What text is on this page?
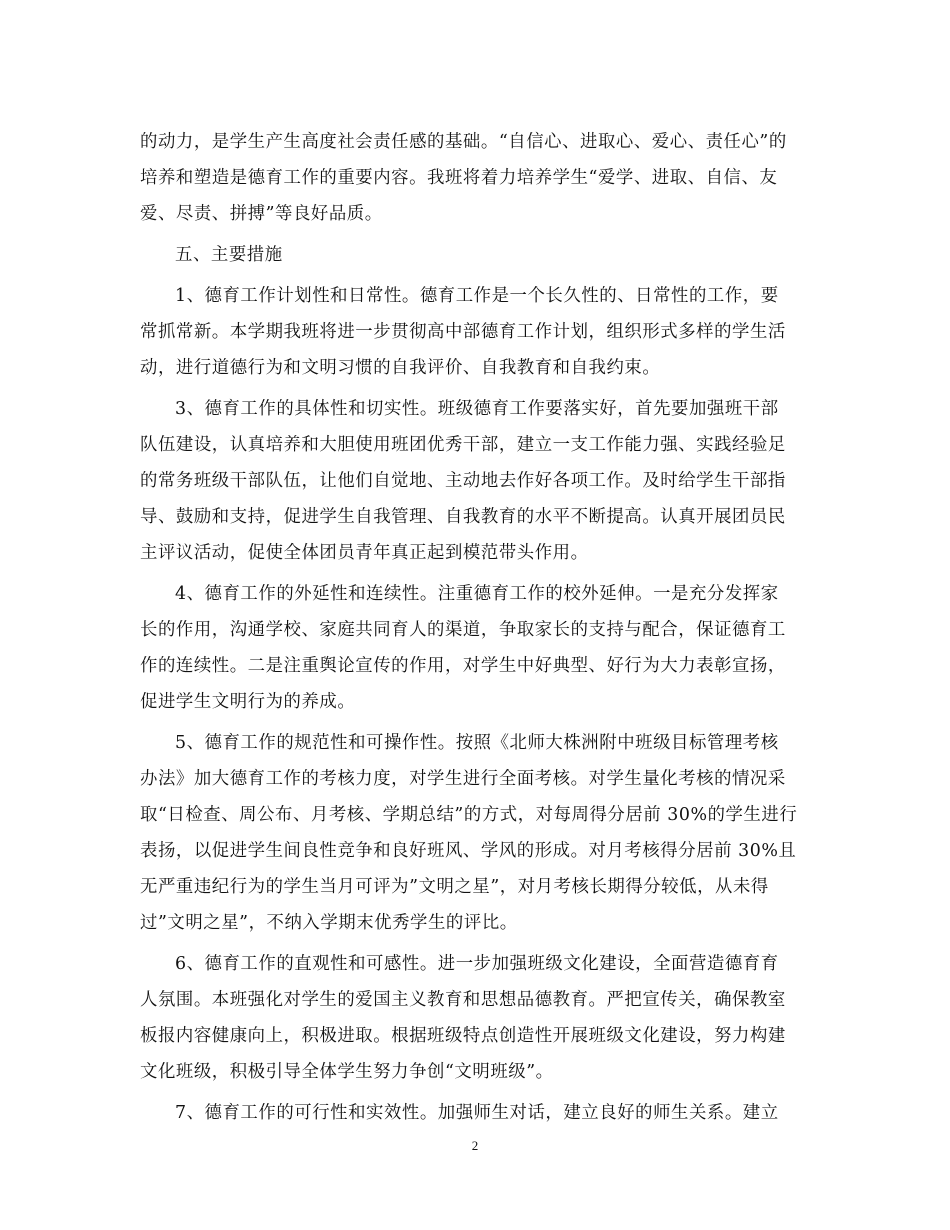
的动力，是学生产生高度社会责任感的基础。“自信心、进取心、爱心、责任心”的
培养和塑造是德育工作的重要内容。我班将着力培养学生“爱学、进取、自信、友
爱、尽责、拼搏”等良好品质。

五、主要措施

1、德育工作计划性和日常性。德育工作是一个长久性的、日常性的工作，要
常抓常新。本学期我班将进一步贯彻高中部德育工作计划，组织形式多样的学生活
动，进行道德行为和文明习惯的自我评价、自我教育和自我约束。

3、德育工作的具体性和切实性。班级德育工作要落实好，首先要加强班干部
队伍建设，认真培养和大胆使用班团优秀干部，建立一支工作能力强、实践经验足
的常务班级干部队伍，让他们自觉地、主动地去作好各项工作。及时给学生干部指
导、鼓励和支持，促进学生自我管理、自我教育的水平不断提高。认真开展团员民
主评议活动，促使全体团员青年真正起到模范带头作用。

4、德育工作的外延性和连续性。注重德育工作的校外延伸。一是充分发挥家
长的作用，沟通学校、家庭共同育人的渠道，争取家长的支持与配合，保证德育工
作的连续性。二是注重舆论宣传的作用，对学生中好典型、好行为大力表彰宣扬，
促进学生文明行为的养成。

5、德育工作的规范性和可操作性。按照《北师大株洲附中班级目标管理考核
办法》加大德育工作的考核力度，对学生进行全面考核。对学生量化考核的情况采
取“日检查、周公布、月考核、学期总结”的方式，对每周得分居前 30%的学生进行
表扬，以促进学生间良性竞争和良好班风、学风的形成。对月考核得分居前 30%且
无严重违纪行为的学生当月可评为”文明之星”，对月考核长期得分较低，从未得
过”文明之星”，不纳入学期末优秀学生的评比。

6、德育工作的直观性和可感性。进一步加强班级文化建设，全面营造德育育
人氛围。本班强化对学生的爱国主义教育和思想品德教育。严把宣传关，确保教室
板报内容健康向上，积极进取。根据班级特点创造性开展班级文化建设，努力构建
文化班级，积极引导全体学生努力争创“文明班级”。

7、德育工作的可行性和实效性。加强师生对话，建立良好的师生关系。建立

2
